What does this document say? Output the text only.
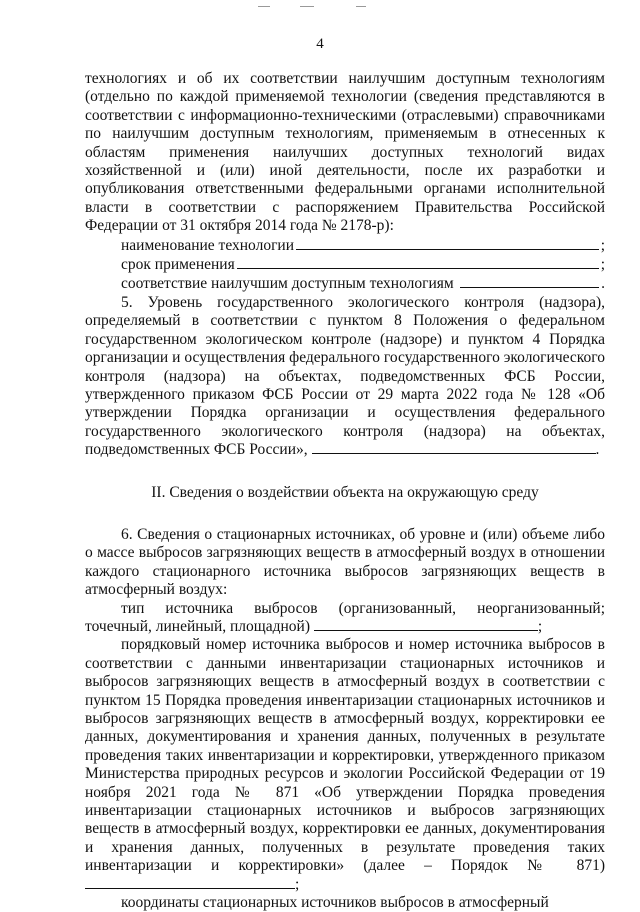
4

технологиях и об их соответствии наилучшим доступным технологиям (отдельно по каждой применяемой технологии (сведения представляются в соответствии с информационно-техническими (отраслевыми) справочниками по наилучшим доступным технологиям, применяемым в отнесенных к областям применения наилучших доступных технологий видах хозяйственной и (или) иной деятельности, после их разработки и опубликования ответственными федеральными органами исполнительной власти в соответствии с распоряжением Правительства Российской Федерации от 31 октября 2014 года № 2178-р):

наименование технологии	;
срок применения	;
соответствие наилучшим доступным технологиям	.

5. Уровень государственного экологического контроля (надзора), определяемый в соответствии с пунктом 8 Положения о федеральном государственном экологическом контроле (надзоре) и пунктом 4 Порядка организации и осуществления федерального государственного экологического контроля (надзора) на объектах, подведомственных ФСБ России, утвержденного приказом ФСБ России от 29 марта 2022 года № 128 «Об утверждении Порядка организации и осуществления федерального государственного экологического контроля (надзора) на объектах, подведомственных ФСБ России»,	.

II. Сведения о воздействии объекта на окружающую среду

6. Сведения о стационарных источниках, об уровне и (или) объеме либо о массе выбросов загрязняющих веществ в атмосферный воздух в отношении каждого стационарного источника выбросов загрязняющих веществ в атмосферный воздух:

тип источника выбросов (организованный, неорганизованный; точечный, линейный, площадной)	;

порядковый номер источника выбросов и номер источника выбросов в соответствии с данными инвентаризации стационарных источников и выбросов загрязняющих веществ в атмосферный воздух в соответствии с пунктом 15 Порядка проведения инвентаризации стационарных источников и выбросов загрязняющих веществ в атмосферный воздух, корректировки ее данных, документирования и хранения данных, полученных в результате проведения таких инвентаризации и корректировки, утвержденного приказом Министерства природных ресурсов и экологии Российской Федерации от 19 ноября 2021 года № 871 «Об утверждении Порядка проведения инвентаризации стационарных источников и выбросов загрязняющих веществ в атмосферный воздух, корректировки ее данных, документирования и хранения данных, полученных в результате проведения таких инвентаризации и корректировки» (далее – Порядок № 871) ;

координаты стационарных источников выбросов в атмосферный
